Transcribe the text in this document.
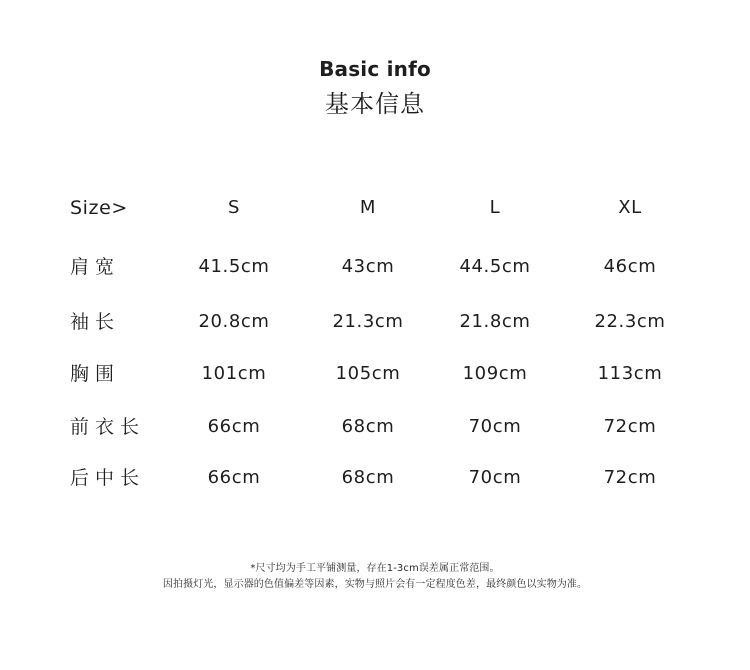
Basic info
基本信息
Size>	S	M	L	XL
肩宽	41.5cm	43cm	44.5cm	46cm
袖长	20.8cm	21.3cm	21.8cm	22.3cm
胸围	101cm	105cm	109cm	113cm
前衣长	66cm	68cm	70cm	72cm
后中长	66cm	68cm	70cm	72cm
*尺寸均为手工平铺测量，存在1-3cm误差属正常范围。
因拍摄灯光，显示器的色值偏差等因素，实物与照片会有一定程度色差，最终颜色以实物为准。
